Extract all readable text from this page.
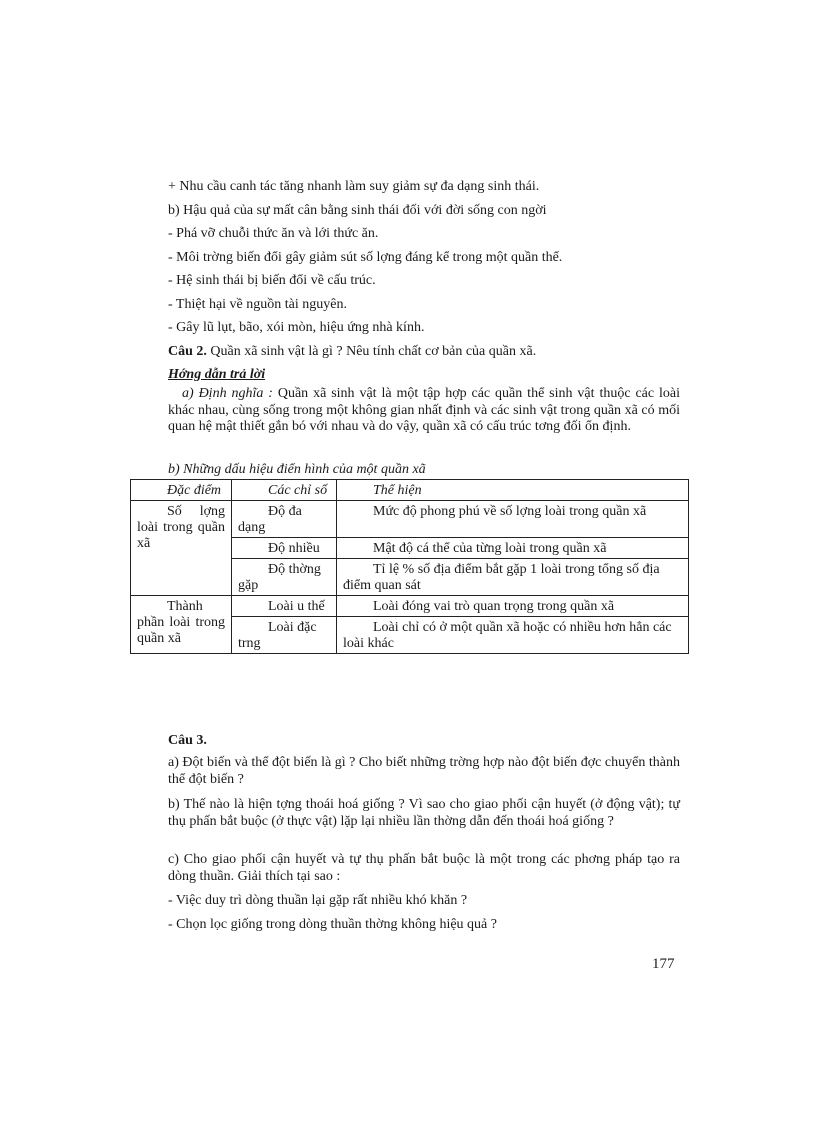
+ Nhu cầu canh tác tăng nhanh làm suy giảm sự đa dạng sinh thái.
b) Hậu quả của sự mất cân bằng sinh thái đối với đời sống con ngời
- Phá vỡ chuỗi thức ăn và lới thức ăn.
- Môi trờng biến đổi gây giảm sút số lợng đáng kể trong một quần thể.
- Hệ sinh thái bị biến đổi về cấu trúc.
- Thiệt hại về nguồn tài nguyên.
- Gây lũ lụt, bão, xói mòn, hiệu ứng nhà kính.
Câu 2. Quần xã sinh vật là gì ? Nêu tính chất cơ bản của quần xã.
Hớng dẫn trả lời
a) Định nghĩa : Quần xã sinh vật là một tập hợp các quần thể sinh vật thuộc các loài khác nhau, cùng sống trong một không gian nhất định và các sinh vật trong quần xã có mối quan hệ mật thiết gắn bó với nhau và do vậy, quần xã có cấu trúc tơng đối ổn định.
b) Những dấu hiệu điển hình của một quần xã
Đặc điểm	Các chỉ số	Thể hiện
Số lợng loài trong quần xã	Độ đa dạng	Mức độ phong phú về số lợng loài trong quần xã
	Độ nhiều	Mật độ cá thể của từng loài trong quần xã
	Độ thờng gặp	Tỉ lệ % số địa điểm bắt gặp 1 loài trong tổng số địa điểm quan sát
Thành phần loài trong quần xã	Loài u thế	Loài đóng vai trò quan trọng trong quần xã
	Loài đặc trng	Loài chỉ có ở một quần xã hoặc có nhiều hơn hẳn các loài khác
Câu 3.
a) Đột biến và thể đột biến là gì ? Cho biết những trờng hợp nào đột biến đợc chuyển thành thể đột biến ?
b) Thế nào là hiện tợng thoái hoá giống ? Vì sao cho giao phối cận huyết (ở động vật); tự thụ phấn bắt buộc (ở thực vật) lặp lại nhiều lần thờng dẫn đến thoái hoá giống ?
c) Cho giao phối cận huyết và tự thụ phấn bắt buộc là một trong các phơng pháp tạo ra dòng thuần. Giải thích tại sao :
- Việc duy trì dòng thuần lại gặp rất nhiều khó khăn ?
- Chọn lọc giống trong dòng thuần thờng không hiệu quả ?
177
